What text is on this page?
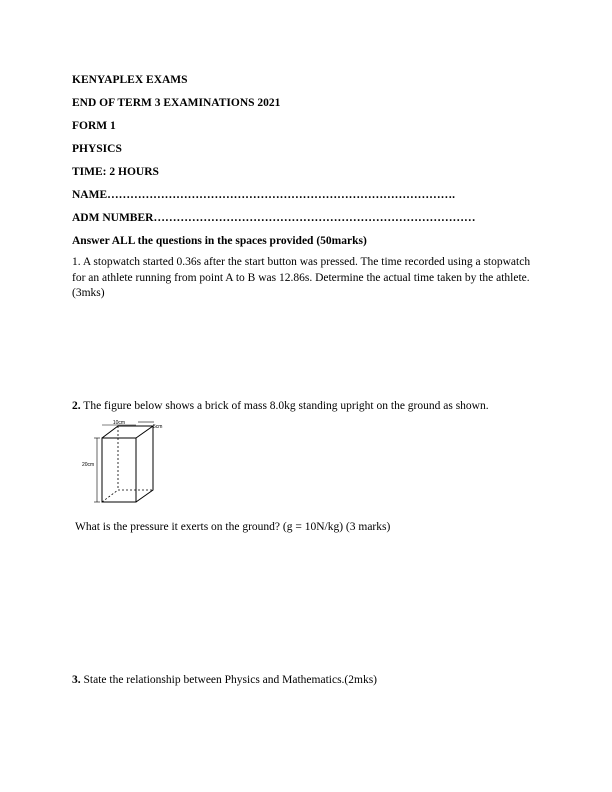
KENYAPLEX EXAMS
END OF TERM 3 EXAMINATIONS 2021
FORM 1
PHYSICS
TIME: 2 HOURS
NAME……………………………………………………………………………….
ADM NUMBER…………………………………………………………………………
Answer ALL the questions in the spaces provided (50marks)
1. A stopwatch started 0.36s after the start button was pressed. The time recorded using a stopwatch for an athlete running from point A to B was 12.86s. Determine the actual time taken by the athlete. (3mks)
2. The figure below shows a brick of mass 8.0kg standing upright on the ground as shown.
10cm
5cm
20cm
What is the pressure it exerts on the ground? (g = 10N/kg) (3 marks)
3. State the relationship between Physics and Mathematics.(2mks)
